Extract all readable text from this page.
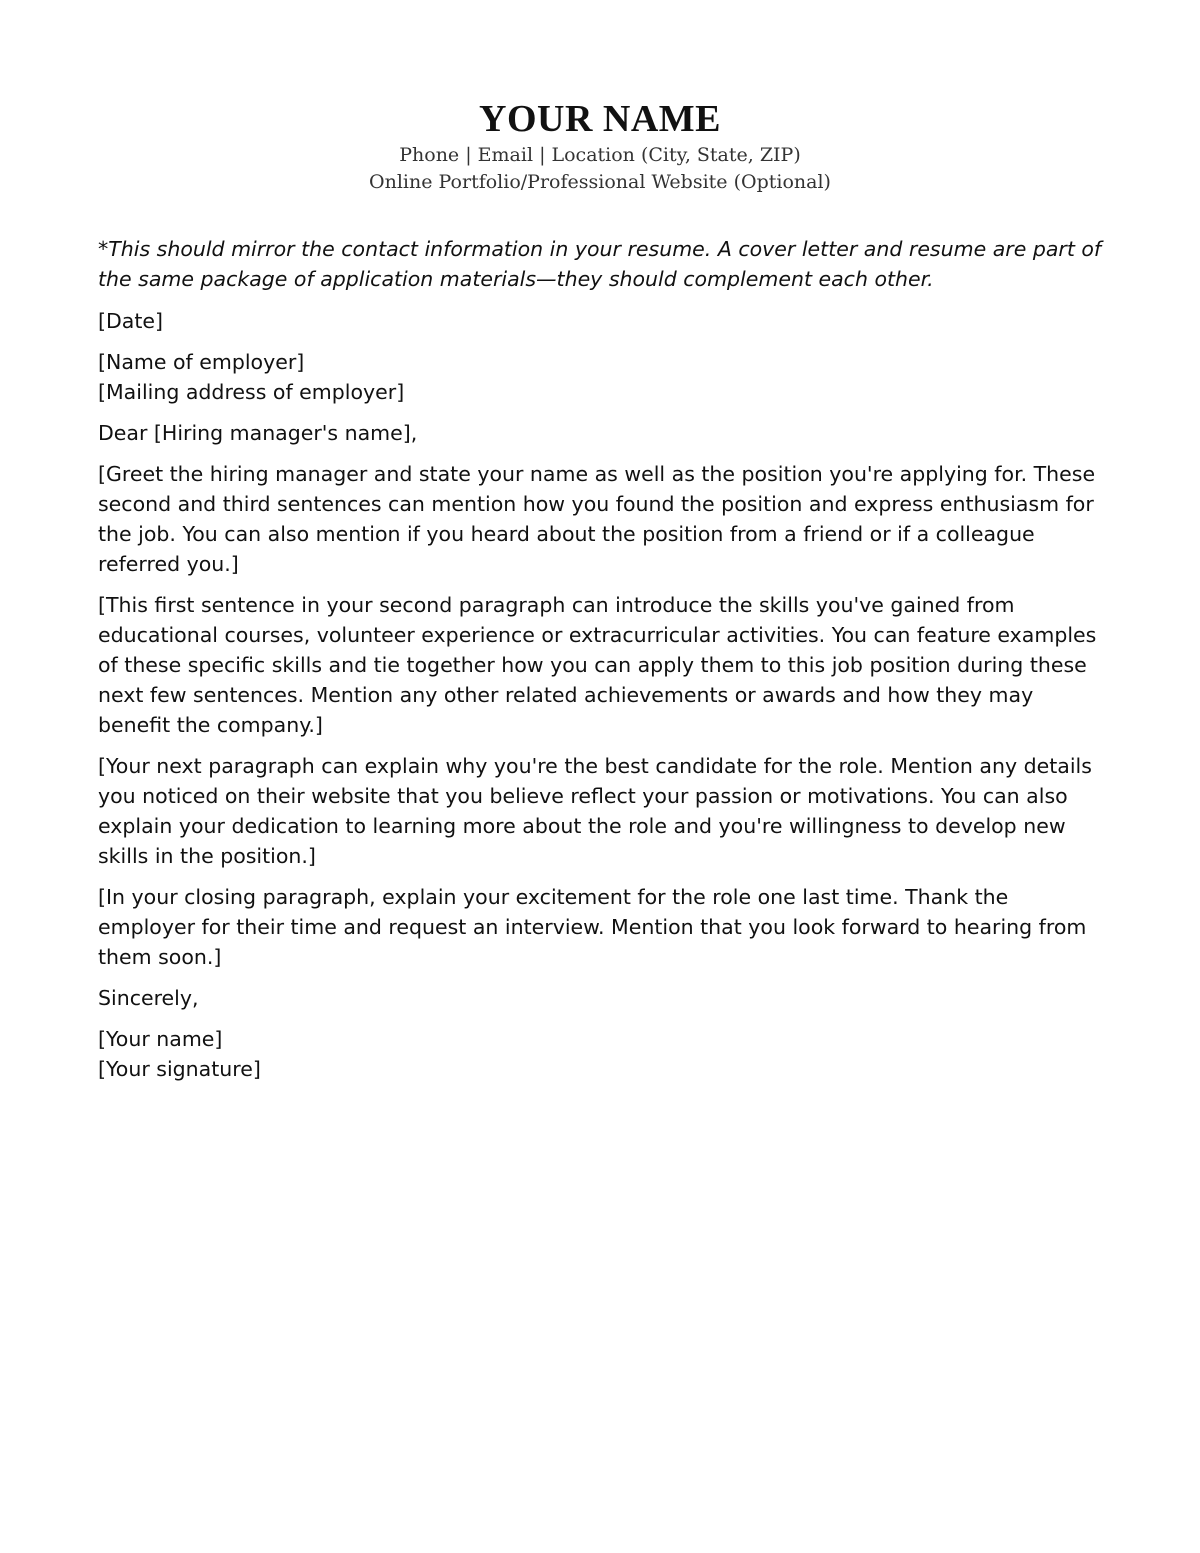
YOUR NAME
Phone | Email | Location (City, State, ZIP)
Online Portfolio/Professional Website (Optional)

*This should mirror the contact information in your resume. A cover letter and resume are part of the same package of application materials—they should complement each other.

[Date]

[Name of employer]
[Mailing address of employer]

Dear [Hiring manager's name],

[Greet the hiring manager and state your name as well as the position you're applying for. These second and third sentences can mention how you found the position and express enthusiasm for the job. You can also mention if you heard about the position from a friend or if a colleague referred you.]

[This first sentence in your second paragraph can introduce the skills you've gained from educational courses, volunteer experience or extracurricular activities. You can feature examples of these specific skills and tie together how you can apply them to this job position during these next few sentences. Mention any other related achievements or awards and how they may benefit the company.]

[Your next paragraph can explain why you're the best candidate for the role. Mention any details you noticed on their website that you believe reflect your passion or motivations. You can also explain your dedication to learning more about the role and you're willingness to develop new skills in the position.]

[In your closing paragraph, explain your excitement for the role one last time. Thank the employer for their time and request an interview. Mention that you look forward to hearing from them soon.]

Sincerely,

[Your name]
[Your signature]
